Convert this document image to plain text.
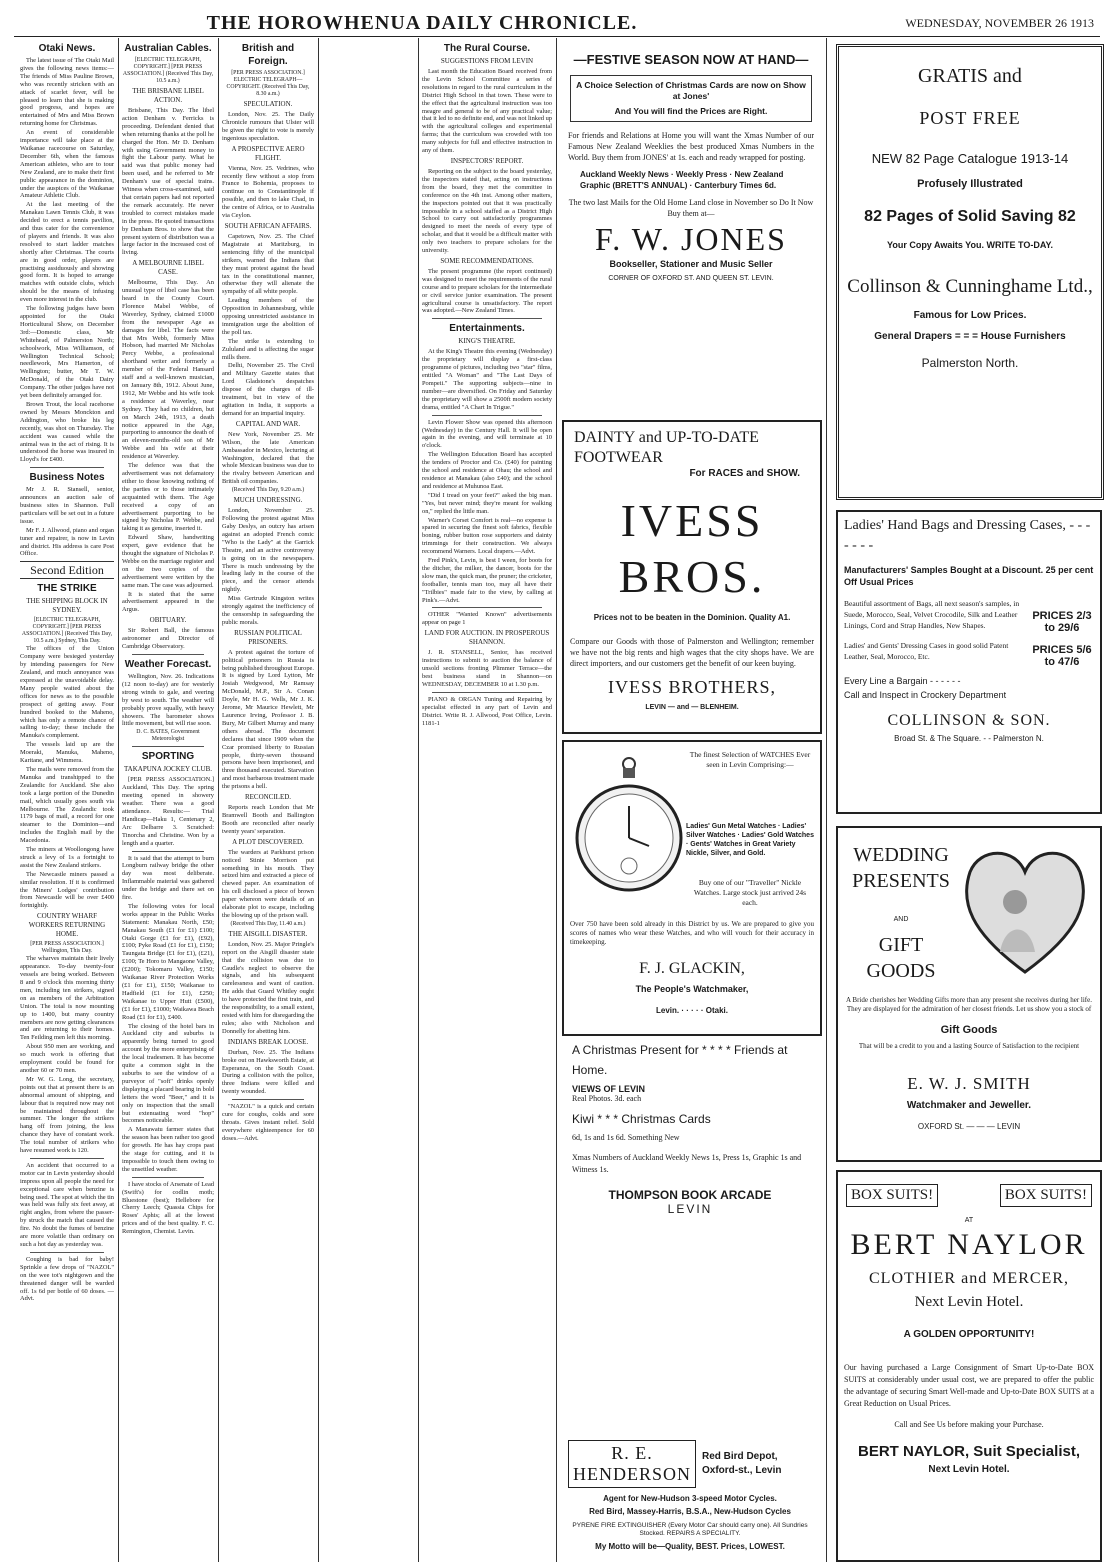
THE HOROWHENUA DAILY CHRONICLE.	WEDNESDAY, NOVEMBER 26 1913
Otaki News.

The latest issue of The Otaki Mail gives the following news items:— The friends of Miss Pauline Brown, who was recently stricken with an attack of scarlet fever, will be pleased to learn that she is making good progress, and hopes are entertained of Mrs and Miss Brown returning home for Christmas.

An event of considerable importance will take place at the Waikanae racecourse on Saturday, December 6th, when the famous American athletes, who are to tour New Zealand, are to make their first public appearance in the dominion, under the auspices of the Waikanae Amateur Athletic Club.

At the last meeting of the Manakau Lawn Tennis Club, it was decided to erect a tennis pavilion, and thus cater for the convenience of players and friends. It was also resolved to start ladder matches shortly after Christmas. The courts are in good order, players are practising assiduously and showing good form. It is hoped to arrange matches with outside clubs, which should be the means of infusing even more interest in the club.

The following judges have been appointed for the Otaki Horticultural Show, on December 3rd:—Domestic class, Mr Whitehead, of Palmerston North; schoolwork, Miss Williamson, of Wellington Technical School; needlework, Mrs Hamerton, of Wellington; butter, Mr T. W. McDonald, of the Otaki Dairy Company. The other judges have not yet been definitely arranged for.

Brown Trout, the local racehorse owned by Messrs Monckton and Addington, who broke his leg recently, was shot on Thursday. The accident was caused while the animal was in the act of rising. It is understood the horse was insured in Lloyd's for £400.

Business Notes

Mr J. R. Stansell, senior, announces an auction sale of business sites in Shannon. Full particulars will be set out in a future issue.

Mr F. J. Allwood, piano and organ tuner and repairer, is now in Levin and district. His address is care Post Office.

Second Edition
THE STRIKE
THE SHIPPING BLOCK IN SYDNEY.
[ELECTRIC TELEGRAPH, COPYRIGHT.] [PER PRESS ASSOCIATION.] (Received This Day, 10.5 a.m.) Sydney, This Day.

The offices of the Union Company were besieged yesterday by intending passengers for New Zealand, and much annoyance was expressed at the unavoidable delay. Many people waited about the offices for news as to the possible prospect of getting away. Four hundred booked to the Maheno, which has only a remote chance of sailing to-day; these include the Manuka's complement.

The vessels laid up are the Moeraki, Manuka, Maheno, Karitane, and Wimmera.

The mails were removed from the Manuka and transhipped to the Zealandic for Auckland. She also took a large portion of the Dunedin mail, which usually goes south via Melbourne. The Zealandic took 1179 bags of mail, a record for one steamer to the Dominion—and includes the English mail by the Macedonia.

The miners at Woollongong have struck a levy of 1s a fortnight to assist the New Zealand strikers.

The Newcastle miners passed a similar resolution. If it is confirmed the Miners' Lodges' contribution from Newcastle will be over £400 fortnightly.

COUNTRY WHARF WORKERS RETURNING HOME.
[PER PRESS ASSOCIATION.] Wellington, This Day.

The wharves maintain their lively appearance. To-day twenty-four vessels are being worked. Between 8 and 9 o'clock this morning thirty men, including ten strikers, signed on as members of the Arbitration Union. The total is now mounting up to 1400, but many country members are now getting clearances and are returning to their homes. Ten Feilding men left this morning.

About 950 men are working, and so much work is offering that employment could be found for another 60 or 70 men.

Mr W. G. Long, the secretary, points out that at present there is an abnormal amount of shipping, and labour that is required now may not be maintained throughout the summer. The longer the strikers hang off from joining, the less chance they have of constant work. The total number of strikers who have resumed work is 120.

An accident that occurred to a motor car in Levin yesterday should impress upon all people the need for exceptional care when benzine is being used. The spot at which the tin was held was fully six feet away, at right angles, from where the passer-by struck the match that caused the fire. No doubt the fumes of benzine are more volatile than ordinary on such a hot day as yesterday was.

Coughing is bad for baby! Sprinkle a few drops of "NAZOL" on the wee tot's nightgown and the threatened danger will be warded off. 1s 6d per bottle of 60 doses. —Advt.

Australian Cables.
[ELECTRIC TELEGRAPH, COPYRIGHT.] [PER PRESS ASSOCIATION.] (Received This Day, 10.5 a.m.)
THE BRISBANE LIBEL ACTION.

Brisbane, This Day. The libel action Denham v. Ferricks is proceeding. Defendant denied that when returning thanks at the poll he charged the Hon. Mr D. Denham with using Government money to fight the Labour party. What he said was that public money had been used, and he referred to Mr Denham's use of special trains. Witness when cross-examined, said that certain papers had not reported the remark accurately. He never troubled to correct mistakes made in the press. He quoted transactions by Denham Bros. to show that the present system of distribution was a large factor in the increased cost of living.

A MELBOURNE LIBEL CASE.

Melbourne, This Day. An unusual type of libel case has been heard in the County Court. Florence Mabel Webbe, of Waverley, Sydney, claimed £1000 from the newspaper Age as damages for libel. The facts were that Mrs Webb, formerly Miss Hobson, had married Mr Nicholas Percy Webbe, a professional shorthand writer and formerly a member of the Federal Hansard staff and a well-known musician, on January 8th, 1912. About June, 1912, Mr Webbe and his wife took a residence at Waverley, near Sydney. They had no children, but on March 24th, 1913, a death notice appeared in the Age, purporting to announce the death of an eleven-months-old son of Mr Webbe and his wife at their residence at Waverley.

The defence was that the advertisement was not defamatory either to those knowing nothing of the parties or to those intimately acquainted with them. The Age received a copy of an advertisement purporting to be signed by Nicholas P. Webbe, and taking it as genuine, inserted it.

Edward Shaw, handwriting expert, gave evidence that he thought the signature of Nicholas P. Webbe on the marriage register and on the two copies of the advertisement were written by the same man. The case was adjourned.

It is stated that the same advertisement appeared in the Argus.

OBITUARY.

Sir Robert Ball, the famous astronomer and Director of Cambridge Observatory.

Weather Forecast.

Wellington, Nov. 26. Indications (12 noon to-day) are for westerly strong winds to gale, and veering by west to south. The weather will probably prove squally, with heavy showers. The barometer shows little movement, but will rise soon.

D. C. BATES, Government Meteorologist
SPORTING
TAKAPUNA JOCKEY CLUB.

[PER PRESS ASSOCIATION.] Auckland, This Day. The spring meeting opened in showery weather. There was a good attendance. Results:— Trial Handicap—Haku 1, Centenary 2, Arc Delbarre 3. Scratched: Tinorcha and Christine. Won by a length and a quarter.

It is said that the attempt to burn Longburn railway bridge the other day was most deliberate. Inflammable material was gathered under the bridge and there set on fire.

The following votes for local works appear in the Public Works Statement: Manakau North, £50; Manakau South (£1 for £1) £100; Otaki Gorge (£1 for £1), (£92), £100; Pyke Road (£1 for £1), £150; Taungata Bridge (£1 for £1), (£21), £100; Te Horo to Mangaone Valley, (£200); Tokomaru Valley, £150; Waikanae River Protection Works (£1 for £1), £150; Waikanae to Hadfield (£1 for £1), £250; Waikanae to Upper Hutt (£500), (£1 for £1), £1000; Waikawa Beach Road (£1 for £1), £400.

The closing of the hotel bars in Auckland city and suburbs is apparently being turned to good account by the more enterprising of the local tradesmen. It has become quite a common sight in the suburbs to see the window of a purveyor of "soft" drinks openly displaying a placard bearing in bold letters the word "Beer," and it is only on inspection that the small but extenuating word "hop" becomes noticeable.

A Manawatu farmer states that the season has been rather too good for growth. He has hay crops past the stage for cutting, and it is impossible to touch them owing to the unsettled weather.

I have stocks of Arsenate of Lead (Swift's) for codlin moth; Bluestone (best); Hellebore for Cherry Leech; Quassia Chips for Roses' Aphis; all at the lowest prices and of the best quality. F. C. Remington, Chemist. Levin.

British and Foreign.
[PER PRESS ASSOCIATION.] ELECTRIC TELEGRAPH—COPYRIGHT. (Received This Day, 8.30 a.m.)
SPECULATION.

London, Nov. 25. The Daily Chronicle rumours that Ulster will be given the right to vote is merely ingenious speculation.

A PROSPECTIVE AERO FLIGHT.

Vienna, Nov. 25. Vedrines, who recently flew without a stop from France to Bohemia, proposes to continue on to Constantinople if possible, and then to lake Chad, in the centre of Africa, or to Australia via Ceylon.

SOUTH AFRICAN AFFAIRS.

Capetown, Nov. 25. The Chief Magistrate at Maritzburg, in sentencing fifty of the municipal strikers, warned the Indians that they must protest against the head tax in the constitutional manner, otherwise they will alienate the sympathy of all white people.

Leading members of the Opposition in Johannesburg, while opposing unrestricted assistance in immigration urge the abolition of the poll tax.

The strike is extending to Zululand and is affecting the sugar mills there.

Delhi, November 25. The Civil and Military Gazette states that Lord Gladstone's despatches dispose of the charges of ill-treatment, but in view of the agitation in India, it supports a demand for an impartial inquiry.

CAPITAL AND WAR.

New York, November 25. Mr Wilson, the late American Ambassador in Mexico, lecturing at Washington, declared that the whole Mexican business was due to the rivalry between American and British oil companies.

(Received This Day, 9.20 a.m.)
MUCH UNDRESSING.

London, November 25. Following the protest against Miss Gaby Deslys, an outcry has arisen against an adopted French comic "Who is the Lady" at the Garrick Theatre, and an active controversy is going on in the newspapers. There is much undressing by the leading lady in the course of the piece, and the censor attends nightly.

Miss Gertrude Kingston writes strongly against the inefficiency of the censorship in safeguarding the public morals.

RUSSIAN POLITICAL PRISONERS.

A protest against the torture of political prisoners in Russia is being published throughout Europe. It is signed by Lord Lytton, Mr Josiah Wedgwood, Mr Ramsay McDonald, M.P., Sir A. Conan Doyle, Mr H. G. Wells, Mr J. K. Jerome, Mr Maurice Hewlett, Mr Laurence Irving, Professor J. B. Bury, Mr Gilbert Murray and many others abroad. The document declares that since 1909 when the Czar promised liberty to Russian people, thirty-seven thousand persons have been imprisoned, and three thousand executed. Starvation and most barbarous treatment made the prisons a hell.

RECONCILED.

Reports reach London that Mr Bramwell Booth and Ballington Booth are reconciled after nearly twenty years' separation.

A PLOT DISCOVERED.

The warders at Parkhurst prison noticed Stinie Morrison put something in his mouth. They seized him and extracted a piece of chewed paper. An examination of his cell disclosed a piece of brown paper whereon were details of an elaborate plot to escape, including the blowing up of the prison wall.

(Received This Day, 11.40 a.m.)
THE AISGILL DISASTER.

London, Nov. 25. Major Pringle's report on the Aisgill disaster state that the collision was due to Caudle's neglect to observe the signals, and his subsequent carelessness and want of caution. He adds that Guard Whitley ought to have protected the first train, and the responsibility, to a small extent, rested with him for disregarding the rules; also with Nicholson and Donnelly for abetting him.

INDIANS BREAK LOOSE.

Durban, Nov. 25. The Indians broke out on Hawksworth Estate, at Esperanza, on the South Coast. During a collision with the police, three Indians were killed and twenty wounded.

"NAZOL" is a quick and certain cure for coughs, colds and sore throats. Gives instant relief. Sold everywhere eighteenpence for 60 doses.—Advt.

The Rural Course.
SUGGESTIONS FROM LEVIN

Last month the Education Board received from the Levin School Committee a series of resolutions in regard to the rural curriculum in the District High School in that town. These were to the effect that the agricultural instruction was too meagre and general to be of any practical value; that it led to no definite end, and was not linked up with the agricultural colleges and experimental farms; that the curriculum was crowded with too many subjects for full and effective instruction in any of them.

INSPECTORS' REPORT.

Reporting on the subject to the board yesterday, the inspectors stated that, acting on instructions from the board, they met the committee in conference on the 4th inst. Among other matters, the inspectors pointed out that it was practically impossible in a school staffed as a District High School to carry out satisfactorily programmes designed to meet the needs of every type of scholar, and that it would be a difficult matter with only two teachers to prepare scholars for the university.

SOME RECOMMENDATIONS.

The present programme (the report continued) was designed to meet the requirements of the rural course and to prepare scholars for the intermediate or civil service junior examination. The present agricultural course is unsatisfactory. The report was adopted.—New Zealand Times.

Entertainments.
KING'S THEATRE.

At the King's Theatre this evening (Wednesday) the proprietary will display a first-class programme of pictures, including two "star" films, entitled "A Woman" and "The Last Days of Pompeii." The supporting subjects—nine in number—are diversified. On Friday and Saturday the proprietary will show a 2500ft modern society drama, entitled "A Chart In Trigue."

Levin Flower Show was opened this afternoon (Wednesday) in the Century Hall. It will be open again in the evening, and will terminate at 10 o'clock.

The Wellington Education Board has accepted the tenders of Proctor and Co. (£40) for painting the school and residence at Ohau; the school and residence at Manakau (also £40); and the school and residence at Muhunoa East.

"Did I tread on your feet?" asked the big man. "Yes, but never mind; they're meant for walking on," replied the little man.

Warner's Corset Comfort is real—no expense is spared in securing the finest soft fabrics, flexible boning, rubber button rose supporters and dainty trimmings for their construction. We always recommend Warners. Local drapers.—Advt.

Fred Pink's, Levin, is best I ween, for boots for the ditcher, the milker, the dancer, boots for the slow man, the quick man, the pruner; the cricketer, footballer, tennis man too, may all have their "Trilbies" made fair to the view, by calling at Pink's.—Advt.

OTHER "Wanted Known" advertisements appear on page 1

LAND FOR AUCTION. IN PROSPEROUS SHANNON.

J. R. STANSELL, Senior, has received instructions to submit to auction the balance of unsold sections fronting Plimmer Terrace—the best business stand in Shannon—on WEDNESDAY, DECEMBER 10 at 1.30 p.m.

PIANO & ORGAN Tuning and Repairing by specialist effected in any part of Levin and District. Write R. J. Allwood, Post Office, Levin. 1181-1

—FESTIVE SEASON NOW AT HAND—
A Choice Selection of Christmas Cards are now on Show at Jones'
And You will find the Prices are Right.
For friends and Relations at Home you will want the Xmas Number of our Famous New Zealand Weeklies the best produced Xmas Numbers in the World. Buy them from JONES' at 1s. each and ready wrapped for posting.
Auckland Weekly News · Weekly Press · New Zealand Graphic (BRETT'S ANNUAL) · Canterbury Times 6d.
The two last Mails for the Old Home Land close in November so Do It Now Buy them at—
F. W. JONES
Bookseller, Stationer and Music Seller
CORNER OF OXFORD ST. AND QUEEN ST. LEVIN.
DAINTY and UP-TO-DATE FOOTWEAR
For RACES and SHOW.
IVESS BROS.
Prices not to be beaten in the Dominion. Quality A1.
Compare our Goods with those of Palmerston and Wellington; remember we have not the big rents and high wages that the city shops have. We are direct importers, and our customers get the benefit of our keen buying.
IVESS BROTHERS,
LEVIN — and — BLENHEIM.
The finest Selection of WATCHES Ever seen in Levin Comprising:—
Ladies' Gun Metal Watches · Ladies' Silver Watches · Ladies' Gold Watches · Gents' Watches in Great Variety Nickle, Silver, and Gold.
Buy one of our "Traveller" Nickle Watches. Large stock just arrived 24s each.
Over 750 have been sold already in this District by us. We are prepared to give you scores of names who wear these Watches, and who will vouch for their accuracy in timekeeping.
F. J. GLACKIN,
The People's Watchmaker,
Levin. · · · · · Otaki.
A Christmas Present for * * * * Friends at Home.
VIEWS OF LEVIN
Real Photos. 3d. each
Kiwi * * * Christmas Cards
6d, 1s and 1s 6d. Something New
Xmas Numbers of Auckland Weekly News 1s, Press 1s, Graphic 1s and Witness 1s.
THOMPSON BOOK ARCADE
LEVIN
R. E. HENDERSON
Red Bird Depot, Oxford-st., Levin
Agent for New-Hudson 3-speed Motor Cycles.
Red Bird, Massey-Harris, B.S.A., New-Hudson Cycles
PYRENE FIRE EXTINGUISHER (Every Motor Car should carry one). All Sundries Stocked. REPAIRS A SPECIALITY.
My Motto will be—Quality, BEST. Prices, LOWEST.
GRATIS and
POST FREE
NEW 82 Page Catalogue 1913-14
Profusely Illustrated
82 Pages of Solid Saving 82
Your Copy Awaits You. WRITE TO-DAY.
Collinson & Cunninghame Ltd.,
Famous for Low Prices.
General Drapers = = = House Furnishers
Palmerston North.
Ladies' Hand Bags and Dressing Cases, - - - - - - -
Manufacturers' Samples Bought at a Discount. 25 per cent Off Usual Prices
Beautiful assortment of Bags, all next season's samples, in Suede, Morocco, Seal, Velvet Crocodile, Silk and Leather Linings, Cord and Strap Handles, New Shapes.
PRICES 2/3 to 29/6
Ladies' and Gents' Dressing Cases in good solid Patent Leather, Seal, Morocco, Etc.
PRICES 5/6 to 47/6
Every Line a Bargain - - - - - -
Call and Inspect in Crockery Department
COLLINSON & SON.
Broad St. & The Square. - - Palmerston N.
WEDDING PRESENTS
AND
GIFT GOODS
A Bride cherishes her Wedding Gifts more than any present she receives during her life. They are displayed for the admiration of her closest friends. Let us show you a stock of
Gift Goods
That will be a credit to you and a lasting Source of Satisfaction to the recipient
E. W. J. SMITH
Watchmaker and Jeweller.
OXFORD St. — — — LEVIN
BOX SUITS!	BOX SUITS!
AT
BERT NAYLOR
CLOTHIER and MERCER,
Next Levin Hotel.
A GOLDEN OPPORTUNITY!
Our having purchased a Large Consignment of Smart Up-to-Date BOX SUITS at considerably under usual cost, we are prepared to offer the public the advantage of securing Smart Well-made and Up-to-Date BOX SUITS at a Great Reduction on Usual Prices.
Call and See Us before making your Purchase.
BERT NAYLOR, Suit Specialist,
Next Levin Hotel.
